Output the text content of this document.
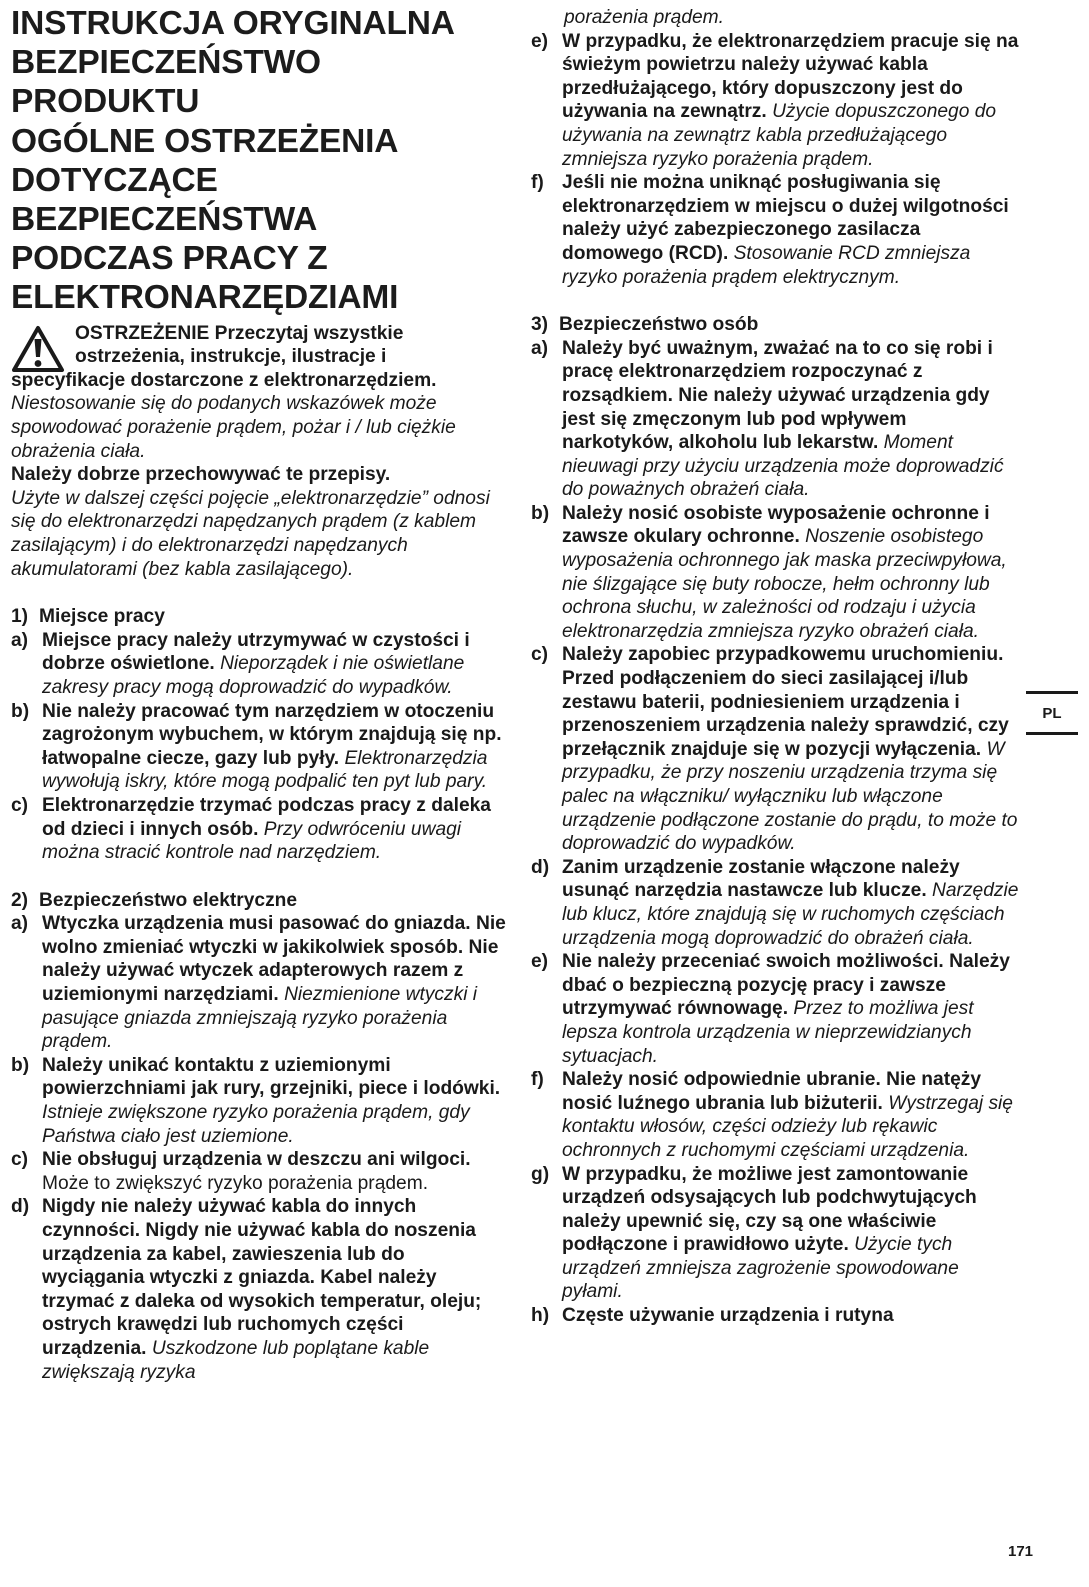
INSTRUKCJA ORYGINALNA
BEZPIECZEŃSTWO
PRODUKTU
OGÓLNE OSTRZEŻENIA
DOTYCZĄCE
BEZPIECZEŃSTWA
PODCZAS PRACY Z
ELEKTRONARZĘDZIAMI
OSTRZEŻENIE Przeczytaj wszystkie
ostrzeżenia, instrukcje, ilustracje i

specyfikacje dostarczone z elektronarzędziem.

Niestosowanie się do podanych wskazówek może spowodować porażenie prądem, pożar i / lub ciężkie obrażenia ciała.

Należy dobrze przechowywać te przepisy.

Użyte w dalszej części pojęcie „elektronarzędzie” odnosi się do elektronarzędzi napędzanych prądem (z kablem zasilającym) i do elektronarzędzi napędzanych akumulatorami (bez kabla zasilającego).

1) Miejsce pracy
a) Miejsce pracy należy utrzymywać w czystości i dobrze oświetlone. Nieporządek i nie oświetlane zakresy pracy mogą doprowadzić do wypadków.
b) Nie należy pracować tym narzędziem w otoczeniu zagrożonym wybuchem, w którym znajdują się np. łatwopalne ciecze, gazy lub pyły. Elektronarzędzia wywołują iskry, które mogą podpalić ten pyt lub pary.
c) Elektronarzędzie trzymać podczas pracy z daleka od dzieci i innych osób. Przy odwróceniu uwagi można stracić kontrole nad narzędziem.
2) Bezpieczeństwo elektryczne
a) Wtyczka urządzenia musi pasować do gniazda. Nie wolno zmieniać wtyczki w jakikolwiek sposób. Nie należy używać wtyczek adapterowych razem z uziemionymi narzędziami. Niezmienione wtyczki i pasujące gniazda zmniejszają ryzyko porażenia prądem.
b) Należy unikać kontaktu z uziemionymi powierzchniami jak rury, grzejniki, piece i lodówki. Istnieje zwiększone ryzyko porażenia prądem, gdy Państwa ciało jest uziemione.
c) Nie obsługuj urządzenia w deszczu ani wilgoci. Może to zwiększyć ryzyko porażenia prądem.
d) Nigdy nie należy używać kabla do innych czynności. Nigdy nie używać kabla do noszenia urządzenia za kabel, zawieszenia lub do wyciągania wtyczki z gniazda. Kabel należy trzymać z daleka od wysokich temperatur, oleju; ostrych krawędzi lub ruchomych części urządzenia. Uszkodzone lub poplątane kable zwiększają ryzyka

porażenia prądem.

e) W przypadku, że elektronarzędziem pracuje się na świeżym powietrzu należy używać kabla przedłużającego, który dopuszczony jest do używania na zewnątrz. Użycie dopuszczonego do używania na zewnątrz kabla przedłużającego zmniejsza ryzyko porażenia prądem.
f) Jeśli nie można uniknąć posługiwania się elektronarzędziem w miejscu o dużej wilgotności należy użyć zabezpieczonego zasilacza domowego (RCD). Stosowanie RCD zmniejsza ryzyko porażenia prądem elektrycznym.
3) Bezpieczeństwo osób
a) Należy być uważnym, zważać na to co się robi i pracę elektronarzędziem rozpoczynać z rozsądkiem. Nie należy używać urządzenia gdy jest się zmęczonym lub pod wpływem narkotyków, alkoholu lub lekarstw. Moment nieuwagi przy użyciu urządzenia może doprowadzić do poważnych obrażeń ciała.
b) Należy nosić osobiste wyposażenie ochronne i zawsze okulary ochronne. Noszenie osobistego wyposażenia ochronnego jak maska przeciwpyłowa, nie ślizgające się buty robocze, hełm ochronny lub ochrona słuchu, w zależności od rodzaju i użycia elektronarzędzia zmniejsza ryzyko obrażeń ciała.
c) Należy zapobiec przypadkowemu uruchomieniu. Przed podłączeniem do sieci zasilającej i/lub zestawu baterii, podniesieniem urządzenia i przenoszeniem urządzenia należy sprawdzić, czy przełącznik znajduje się w pozycji wyłączenia. W przypadku, że przy noszeniu urządzenia trzyma się palec na włączniku/ wyłączniku lub włączone urządzenie podłączone zostanie do prądu, to może to doprowadzić do wypadków.
d) Zanim urządzenie zostanie włączone należy usunąć narzędzia nastawcze lub klucze. Narzędzie lub klucz, które znajdują się w ruchomych częściach urządzenia mogą doprowadzić do obrażeń ciała.
e) Nie należy przeceniać swoich możliwości. Należy dbać o bezpieczną pozycję pracy i zawsze utrzymywać równowagę. Przez to możliwa jest lepsza kontrola urządzenia w nieprzewidzianych sytuacjach.
f) Należy nosić odpowiednie ubranie. Nie natęży nosić luźnego ubrania lub biżuterii. Wystrzegaj się kontaktu włosów, części odzieży lub rękawic ochronnych z ruchomymi częściami urządzenia.
g) W przypadku, że możliwe jest zamontowanie urządzeń odsysających lub podchwytujących należy upewnić się, czy są one właściwie podłączone i prawidłowo użyte. Użycie tych urządzeń zmniejsza zagrożenie spowodowane pyłami.
h) Częste używanie urządzenia i rutyna
PL
171
